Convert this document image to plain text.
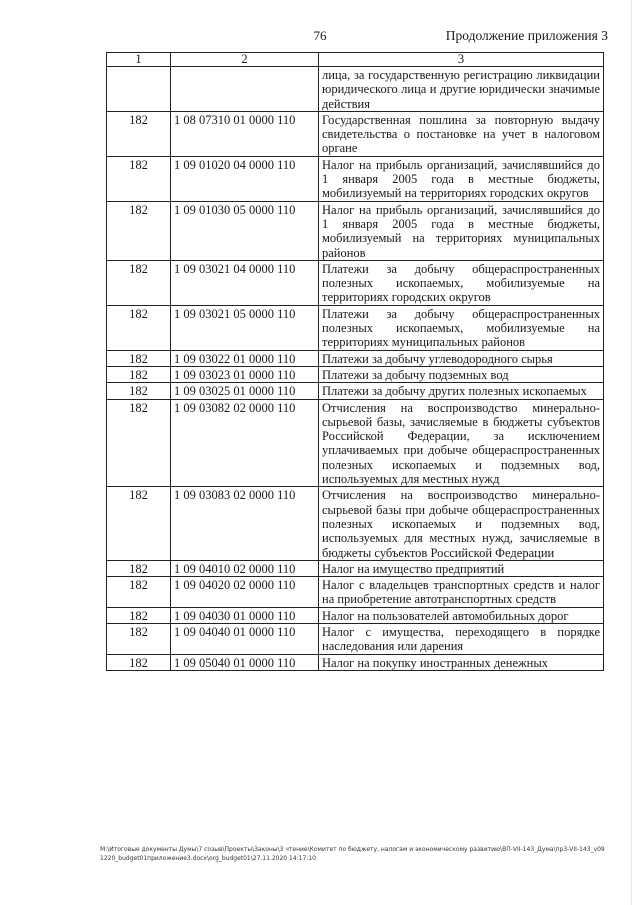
76	Продолжение приложения 3
1	2	3
		лица, за государственную регистрацию ликвидации юридического лица и другие юридически значимые действия
182	1 08 07310 01 0000 110	Государственная пошлина за повторную выдачу свидетельства о постановке на учет в налоговом органе
182	1 09 01020 04 0000 110	Налог на прибыль организаций, зачислявшийся до 1 января 2005 года в местные бюджеты, мобилизуемый на территориях городских округов
182	1 09 01030 05 0000 110	Налог на прибыль организаций, зачислявшийся до 1 января 2005 года в местные бюджеты, мобилизуемый на территориях муниципальных районов
182	1 09 03021 04 0000 110	Платежи за добычу общераспространенных полезных ископаемых, мобилизуемые на территориях городских округов
182	1 09 03021 05 0000 110	Платежи за добычу общераспространенных полезных ископаемых, мобилизуемые на территориях муниципальных районов
182	1 09 03022 01 0000 110	Платежи за добычу углеводородного сырья
182	1 09 03023 01 0000 110	Платежи за добычу подземных вод
182	1 09 03025 01 0000 110	Платежи за добычу других полезных ископаемых
182	1 09 03082 02 0000 110	Отчисления на воспроизводство минерально-сырьевой базы, зачисляемые в бюджеты субъектов Российской Федерации, за исключением уплачиваемых при добыче общераспространенных полезных ископаемых и подземных вод, используемых для местных нужд
182	1 09 03083 02 0000 110	Отчисления на воспроизводство минерально-сырьевой базы при добыче общераспространенных полезных ископаемых и подземных вод, используемых для местных нужд, зачисляемые в бюджеты субъектов Российской Федерации
182	1 09 04010 02 0000 110	Налог на имущество предприятий
182	1 09 04020 02 0000 110	Налог с владельцев транспортных средств и налог на приобретение автотранспортных средств
182	1 09 04030 01 0000 110	Налог на пользователей автомобильных дорог
182	1 09 04040 01 0000 110	Налог с имущества, переходящего в порядке наследования или дарения
182	1 09 05040 01 0000 110	Налог на покупку иностранных денежных
M:\Итоговые документы Думы\7 созыв\Проекты\Законы\3 чтение\Комитет по бюджету, налогам и экономическому развитию\ВП-VII-143_Дума\пр3-VII-143_v091220_budget01приложение3.docx\org_budget01\27.11.2020 14:17:10
